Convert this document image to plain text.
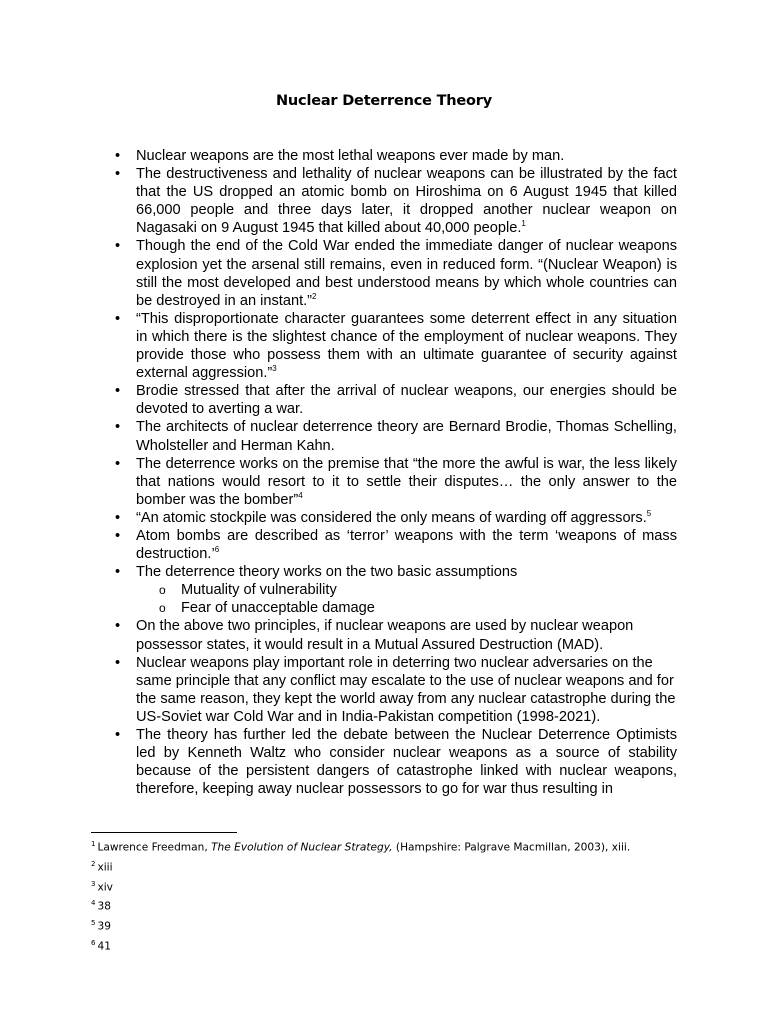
Nuclear Deterrence Theory
• Nuclear weapons are the most lethal weapons ever made by man.
• The destructiveness and lethality of nuclear weapons can be illustrated by the fact that the US dropped an atomic bomb on Hiroshima on 6 August 1945 that killed 66,000 people and three days later, it dropped another nuclear weapon on Nagasaki on 9 August 1945 that killed about 40,000 people.$^1$
• Though the end of the Cold War ended the immediate danger of nuclear weapons explosion yet the arsenal still remains, even in reduced form. “(Nuclear Weapon) is still the most developed and best understood means by which whole countries can be destroyed in an instant.”$^2$
• “This disproportionate character guarantees some deterrent effect in any situation in which there is the slightest chance of the employment of nuclear weapons. They provide those who possess them with an ultimate guarantee of security against external aggression.”$^3$
• Brodie stressed that after the arrival of nuclear weapons, our energies should be devoted to averting a war.
• The architects of nuclear deterrence theory are Bernard Brodie, Thomas Schelling, Wholsteller and Herman Kahn.
• The deterrence works on the premise that “the more the awful is war, the less likely that nations would resort to it to settle their disputes… the only answer to the bomber was the bomber”$^4$
• “An atomic stockpile was considered the only means of warding off aggressors.$^5$
• Atom bombs are described as ‘terror’ weapons with the term ‘weapons of mass destruction.’$^6$
• The deterrence theory works on the two basic assumptions
o Mutuality of vulnerability
o Fear of unacceptable damage
• On the above two principles, if nuclear weapons are used by nuclear weapon possessor states, it would result in a Mutual Assured Destruction (MAD).
• Nuclear weapons play important role in deterring two nuclear adversaries on the same principle that any conflict may escalate to the use of nuclear weapons and for the same reason, they kept the world away from any nuclear catastrophe during the US-Soviet war Cold War and in India-Pakistan competition (1998-2021).
• The theory has further led the debate between the Nuclear Deterrence Optimists led by Kenneth Waltz who consider nuclear weapons as a source of stability because of the persistent dangers of catastrophe linked with nuclear weapons, therefore, keeping away nuclear possessors to go for war thus resulting in
$^1$ Lawrence Freedman, The Evolution of Nuclear Strategy, (Hampshire: Palgrave Macmillan, 2003), xiii.
$^2$ xiii
$^3$ xiv
$^4$ 38
$^5$ 39
$^6$ 41
